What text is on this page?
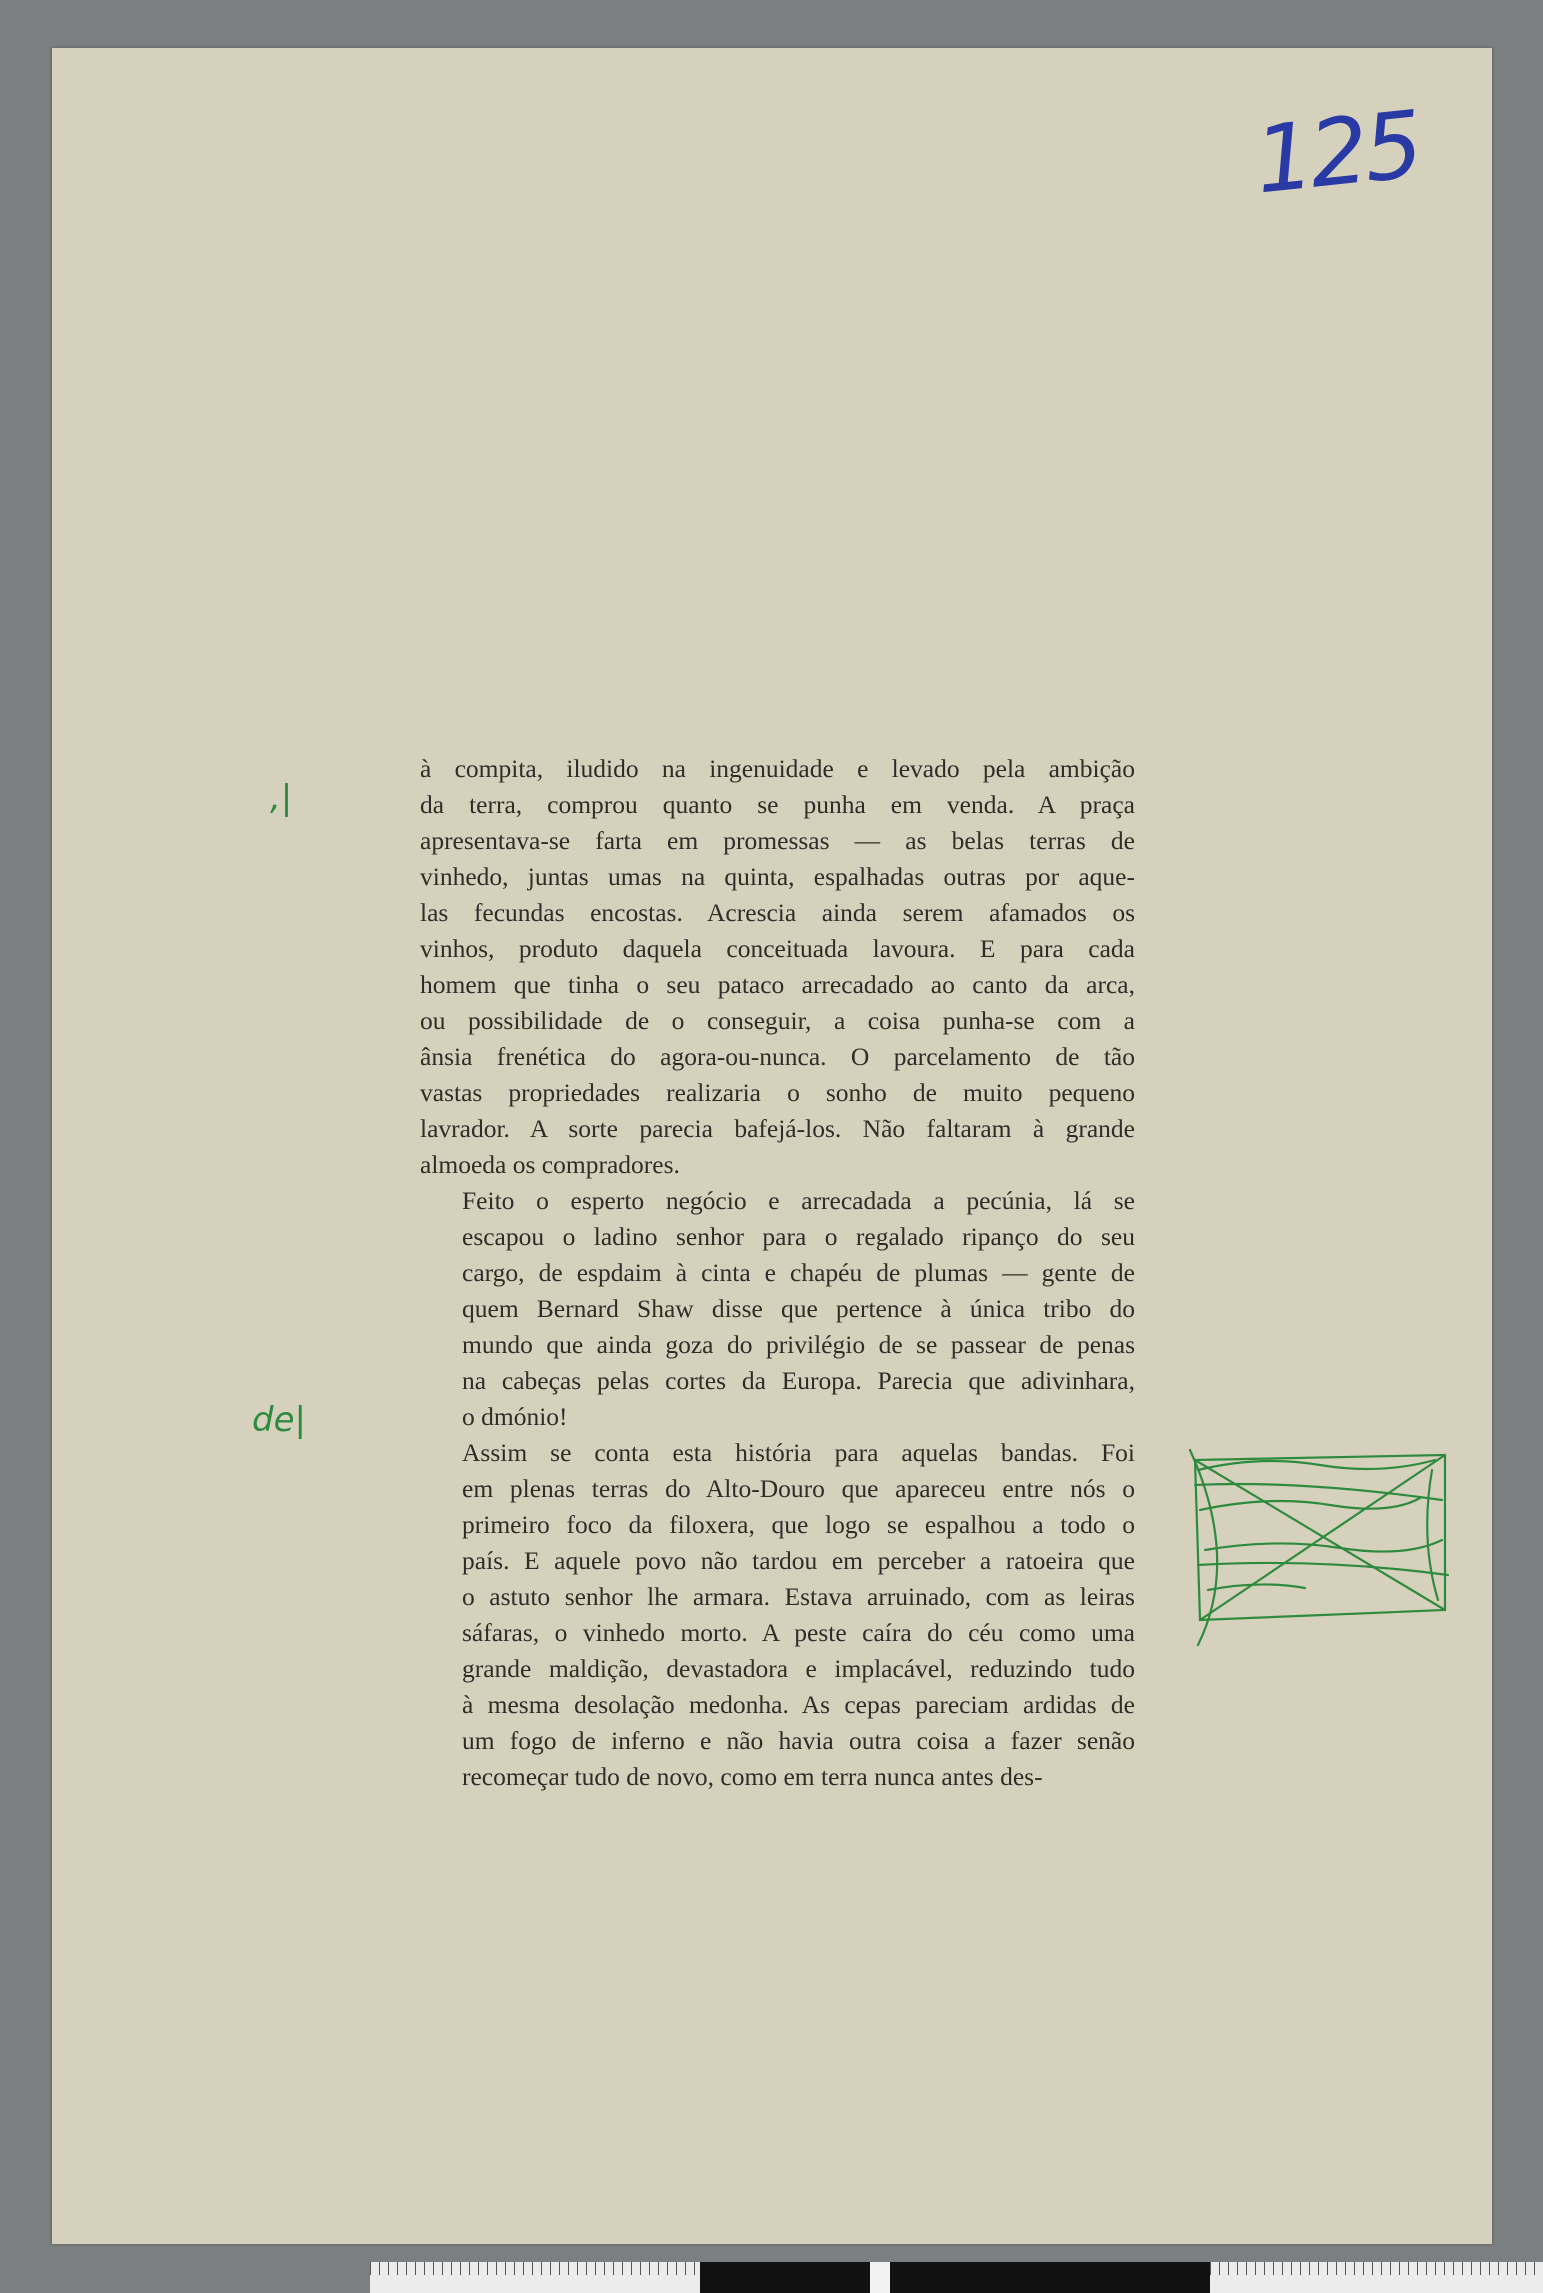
125
,|
de|

à compita, iludido na ingenuidade e levado pela ambição
da terra, comprou quanto se punha em venda. A praça
apresentava-se farta em promessas — as belas terras de
vinhedo, juntas umas na quinta, espalhadas outras por aque-
las fecundas encostas. Acrescia ainda serem afamados os
vinhos, produto daquela conceituada lavoura. E para cada
homem que tinha o seu pataco arrecadado ao canto da arca,
ou possibilidade de o conseguir, a coisa punha-se com a
ânsia frenética do agora-ou-nunca. O parcelamento de tão
vastas propriedades realizaria o sonho de muito pequeno
lavrador. A sorte parecia bafejá-los. Não faltaram à grande
almoeda os compradores.

Feito o esperto negócio e arrecadada a pecúnia, lá se
escapou o ladino senhor para o regalado ripanço do seu
cargo, de espdaim à cinta e chapéu de plumas — gente de
quem Bernard Shaw disse que pertence à única tribo do
mundo que ainda goza do privilégio de se passear de penas
na cabeças pelas cortes da Europa. Parecia que adivinhara,
o dmónio!

Assim se conta esta história para aquelas bandas. Foi
em plenas terras do Alto-Douro que apareceu entre nós o
primeiro foco da filoxera, que logo se espalhou a todo o
país. E aquele povo não tardou em perceber a ratoeira que
o astuto senhor lhe armara. Estava arruinado, com as leiras
sáfaras, o vinhedo morto. A peste caíra do céu como uma
grande maldição, devastadora e implacável, reduzindo tudo
à mesma desolação medonha. As cepas pareciam ardidas de
um fogo de inferno e não havia outra coisa a fazer senão
recomeçar tudo de novo, como em terra nunca antes des-
